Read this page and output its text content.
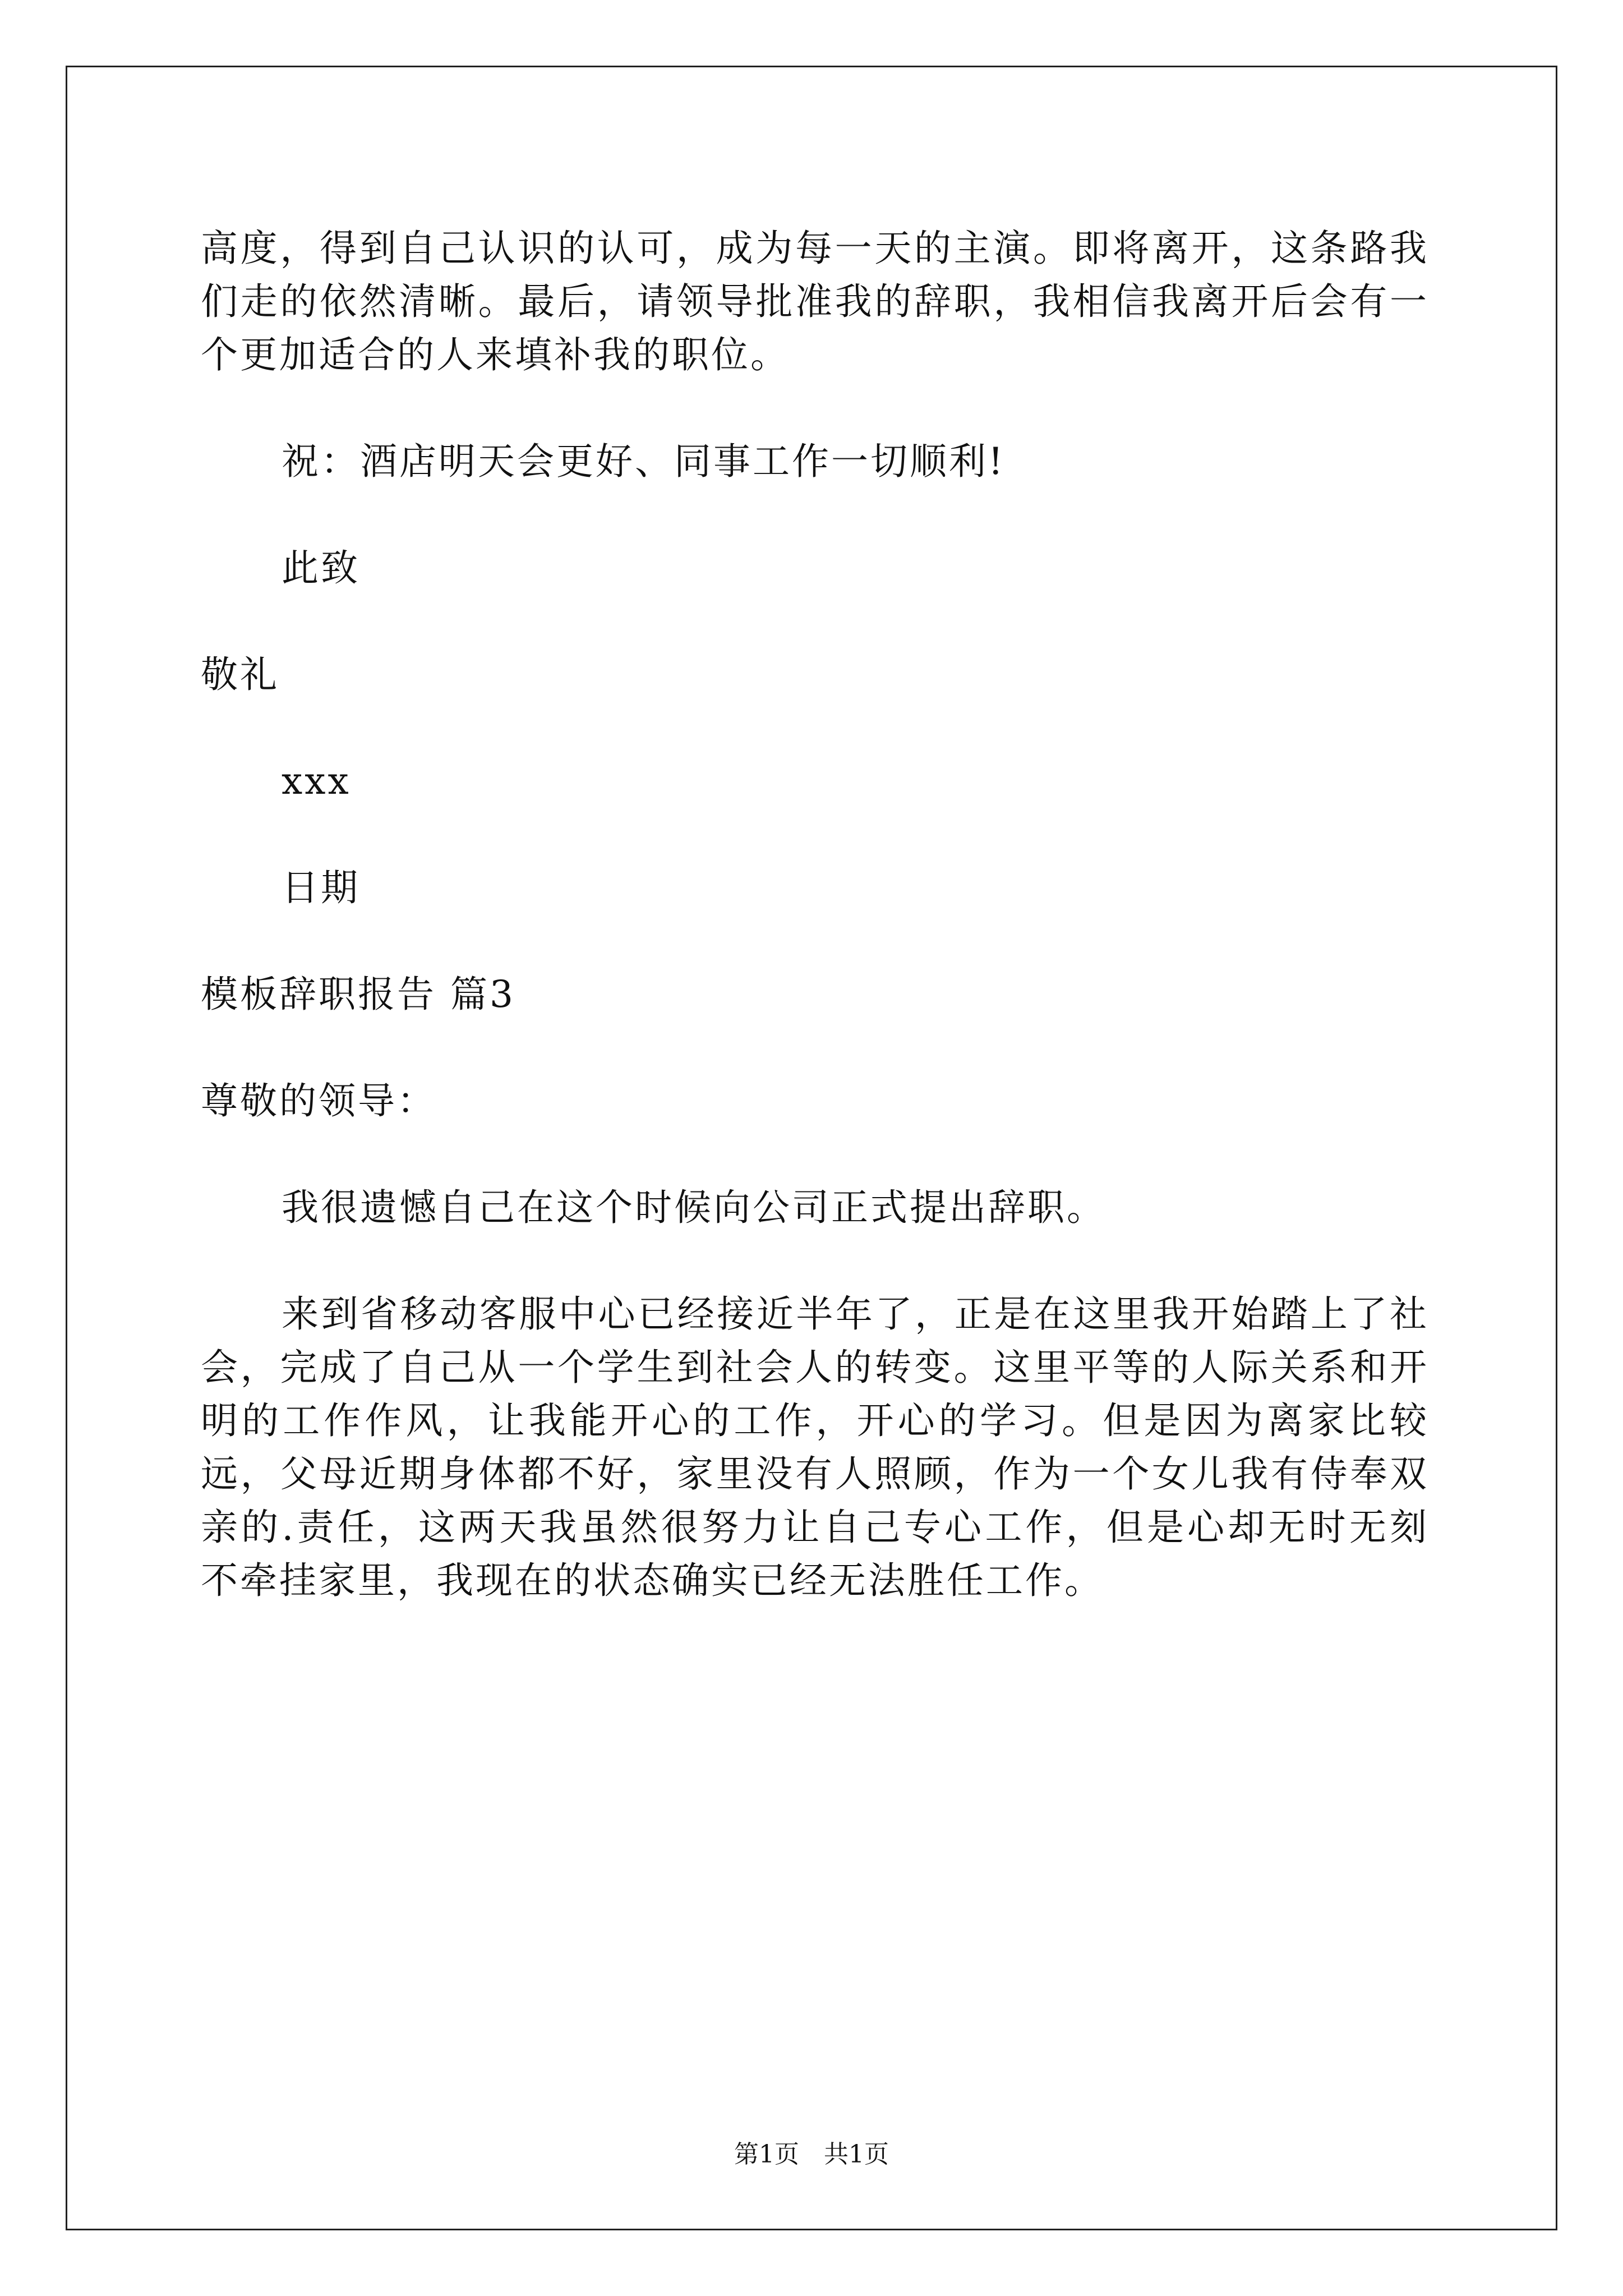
高度，得到自己认识的认可，成为每一天的主演。即将离开，这条路我们走的依然清晰。最后，请领导批准我的辞职，我相信我离开后会有一个更加适合的人来填补我的职位。

祝：酒店明天会更好、同事工作一切顺利!

此致

敬礼

xxx

日期

模板辞职报告 篇3

尊敬的领导：

我很遗憾自己在这个时候向公司正式提出辞职。

来到省移动客服中心已经接近半年了，正是在这里我开始踏上了社会，完成了自己从一个学生到社会人的转变。这里平等的人际关系和开明的工作作风，让我能开心的工作，开心的学习。但是因为离家比较远，父母近期身体都不好，家里没有人照顾，作为一个女儿我有侍奉双亲的.责任，这两天我虽然很努力让自己专心工作，但是心却无时无刻不牵挂家里，我现在的状态确实已经无法胜任工作。

第1页　共1页
